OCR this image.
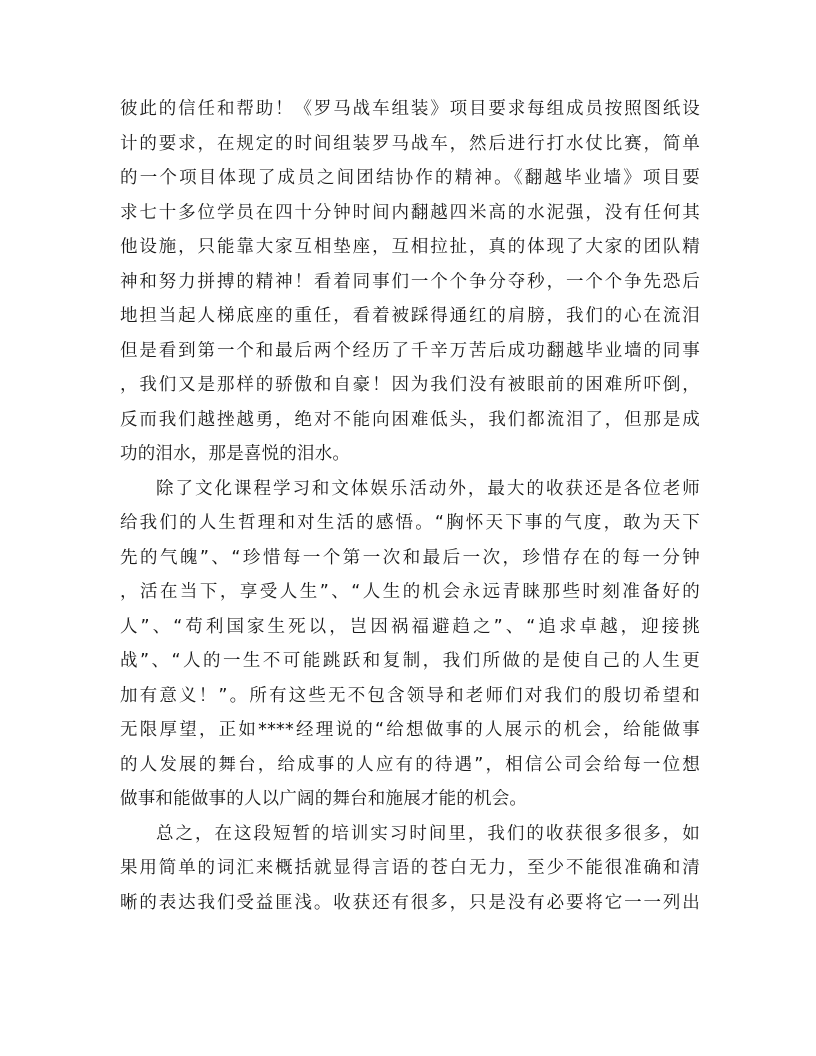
彼此的信任和帮助！《罗马战车组装》项目要求每组成员按照图纸设
计的要求，在规定的时间组装罗马战车，然后进行打水仗比赛，简单
的一个项目体现了成员之间团结协作的精神。《翻越毕业墙》项目要
求七十多位学员在四十分钟时间内翻越四米高的水泥强，没有任何其
他设施，只能靠大家互相垫座，互相拉扯，真的体现了大家的团队精
神和努力拼搏的精神！看着同事们一个个争分夺秒，一个个争先恐后
地担当起人梯底座的重任，看着被踩得通红的肩膀，我们的心在流泪
但是看到第一个和最后两个经历了千辛万苦后成功翻越毕业墙的同事
，我们又是那样的骄傲和自豪！因为我们没有被眼前的困难所吓倒，
反而我们越挫越勇，绝对不能向困难低头，我们都流泪了，但那是成
功的泪水，那是喜悦的泪水。
除了文化课程学习和文体娱乐活动外，最大的收获还是各位老师
给我们的人生哲理和对生活的感悟。“胸怀天下事的气度，敢为天下
先的气魄”、“珍惜每一个第一次和最后一次，珍惜存在的每一分钟
，活在当下，享受人生”、“人生的机会永远青睐那些时刻准备好的
人”、“苟利国家生死以，岂因祸福避趋之”、“追求卓越，迎接挑
战”、“人的一生不可能跳跃和复制，我们所做的是使自己的人生更
加有意义！”。所有这些无不包含领导和老师们对我们的殷切希望和
无限厚望，正如****经理说的“给想做事的人展示的机会，给能做事
的人发展的舞台，给成事的人应有的待遇”，相信公司会给每一位想
做事和能做事的人以广阔的舞台和施展才能的机会。
总之，在这段短暂的培训实习时间里，我们的收获很多很多，如
果用简单的词汇来概括就显得言语的苍白无力，至少不能很准确和清
晰的表达我们受益匪浅。收获还有很多，只是没有必要将它一一列出
